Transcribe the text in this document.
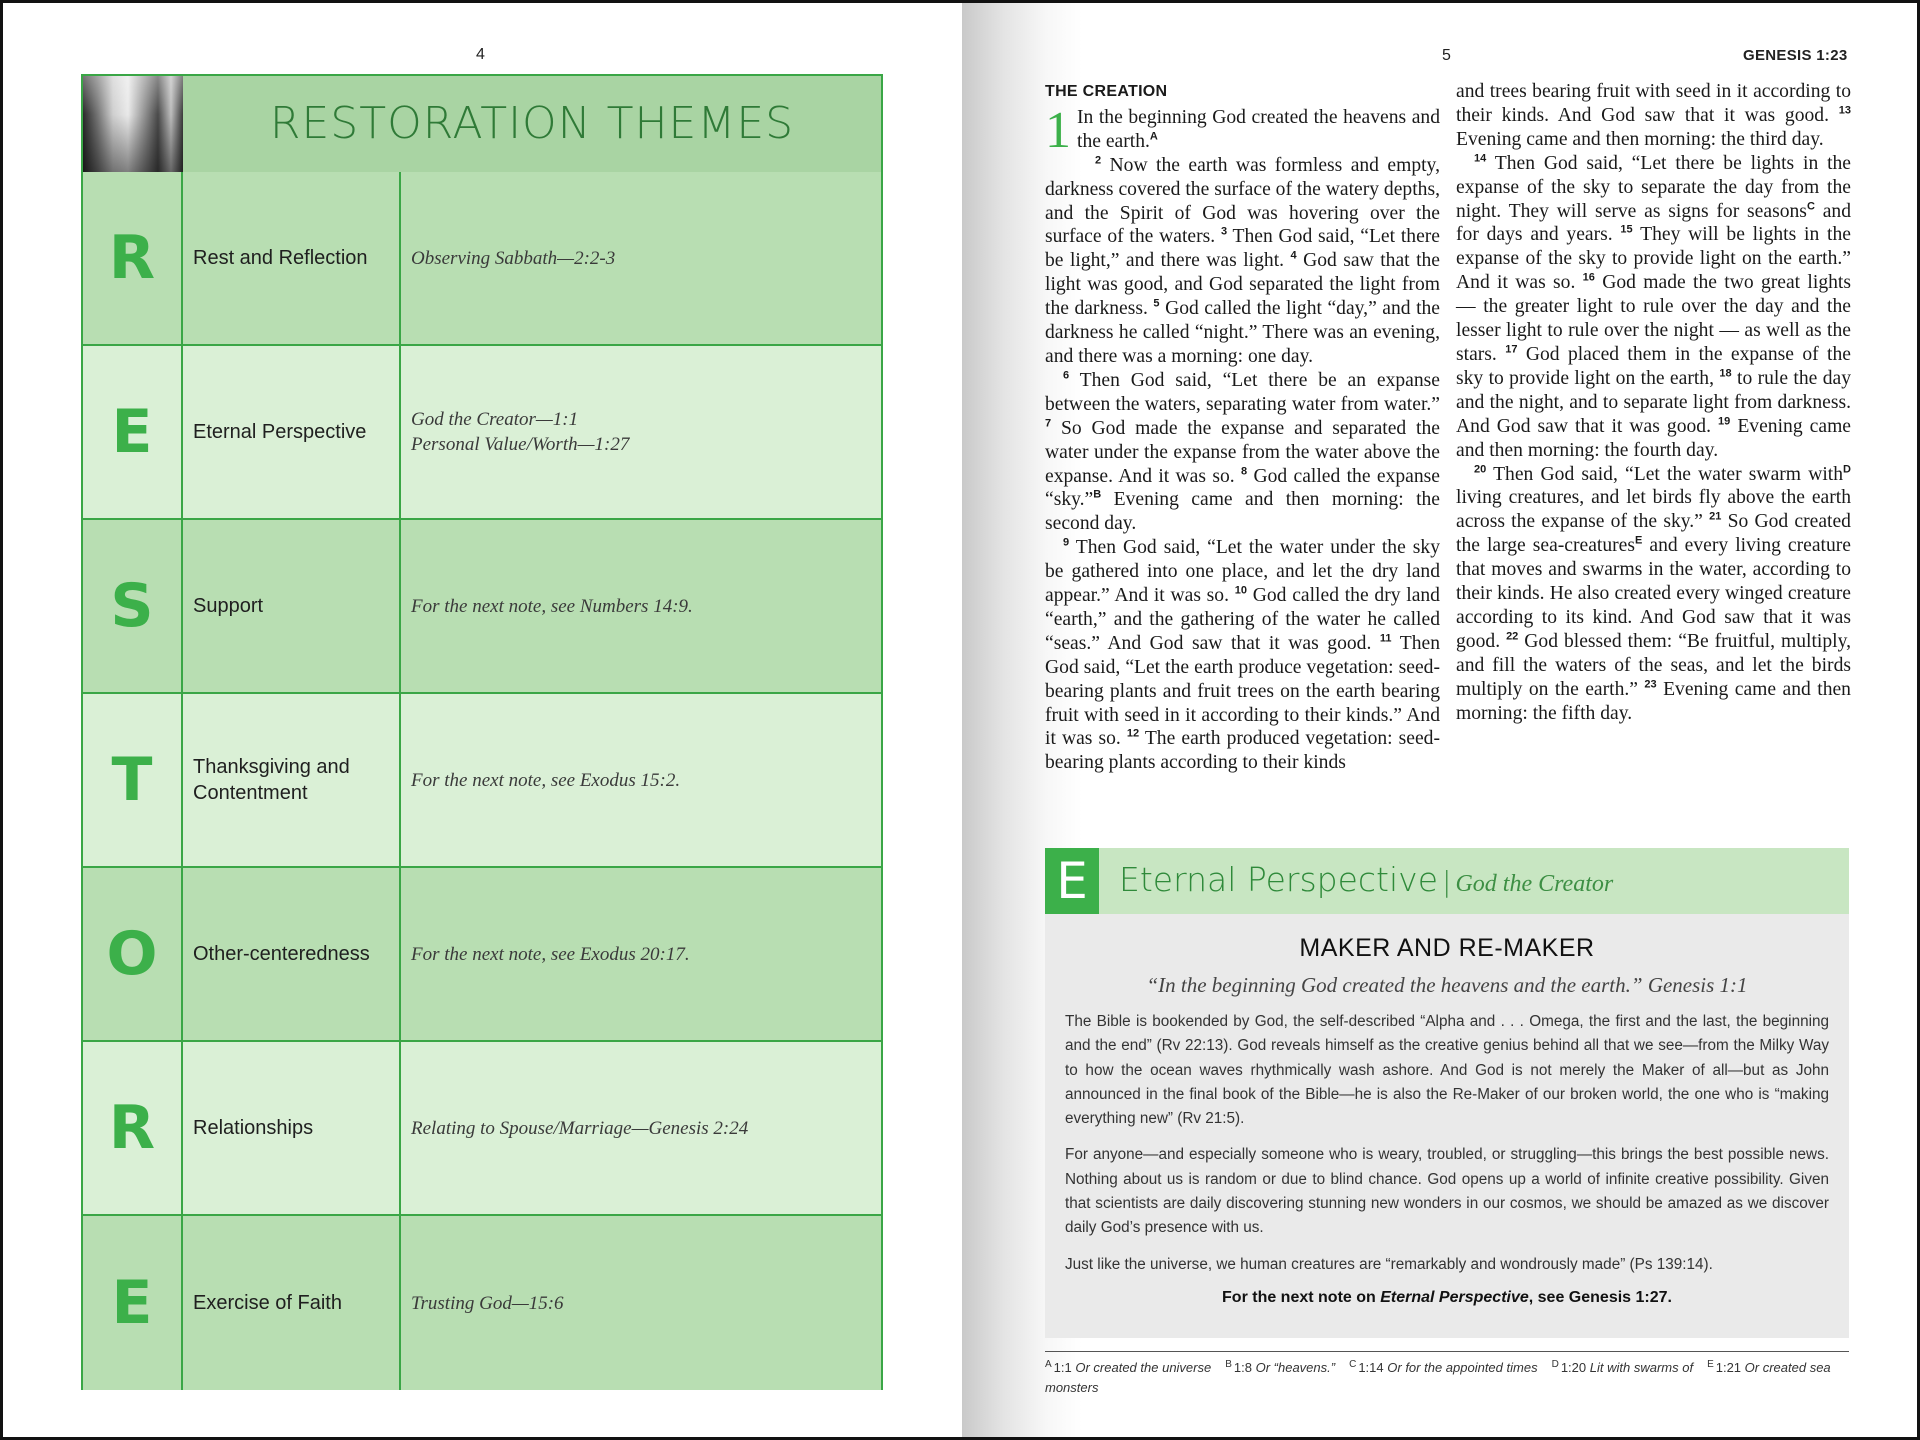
4
RESTORATION THEMES
R	Rest and Reflection	Observing Sabbath—2:2-3
E	Eternal Perspective
God the Creator—1:1
Personal Value/Worth—1:27
S	Support	For the next note, see Numbers 14:9.
T	Thanksgiving and Contentment
For the next note, see Exodus 15:2.
O	Other-centeredness	For the next note, see Exodus 20:17.
R	Relationships	Relating to Spouse/Marriage—Genesis 2:24
E	Exercise of Faith	Trusting God—15:6
5	GENESIS 1:23
THE CREATION

1 In the beginning God created the heavens and the earth.$^A$

$^2$ Now the earth was formless and empty, darkness covered the surface of the watery depths, and the Spirit of God was hovering over the surface of the waters. $^3$ Then God said, “Let there be light,” and there was light. $^4$ God saw that the light was good, and God separated the light from the darkness. $^5$ God called the light “day,” and the darkness he called “night.” There was an evening, and there was a morning: one day.

$^6$ Then God said, “Let there be an expanse between the waters, separating water from water.” $^7$ So God made the expanse and separated the water under the expanse from the water above the expanse. And it was so. $^8$ God called the expanse “sky.”$^B$ Evening came and then morning: the second day.

$^9$ Then God said, “Let the water under the sky be gathered into one place, and let the dry land appear.” And it was so. $^{10}$ God called the dry land “earth,” and the gathering of the water he called “seas.” And God saw that it was good. $^{11}$ Then God said, “Let the earth produce vegetation: seed-bearing plants and fruit trees on the earth bearing fruit with seed in it according to their kinds.” And it was so. $^{12}$ The earth produced vegetation: seed-bearing plants according to their kinds

and trees bearing fruit with seed in it according to their kinds. And God saw that it was good. $^{13}$ Evening came and then morning: the third day.

$^{14}$ Then God said, “Let there be lights in the expanse of the sky to separate the day from the night. They will serve as signs for seasons$^C$ and for days and years. $^{15}$ They will be lights in the expanse of the sky to provide light on the earth.” And it was so. $^{16}$ God made the two great lights — the greater light to rule over the day and the lesser light to rule over the night — as well as the stars. $^{17}$ God placed them in the expanse of the sky to provide light on the earth, $^{18}$ to rule the day and the night, and to separate light from darkness. And God saw that it was good. $^{19}$ Evening came and then morning: the fourth day.

$^{20}$ Then God said, “Let the water swarm with$^D$ living creatures, and let birds fly above the earth across the expanse of the sky.” $^{21}$ So God created the large sea-creatures$^E$ and every living creature that moves and swarms in the water, according to their kinds. He also created every winged creature according to its kind. And God saw that it was good. $^{22}$ God blessed them: “Be fruitful, multiply, and fill the waters of the seas, and let the birds multiply on the earth.” $^{23}$ Evening came and then morning: the fifth day.

E Eternal Perspective | God the Creator
MAKER AND RE-MAKER
“In the beginning God created the heavens and the earth.” Genesis 1:1

The Bible is bookended by God, the self-described “Alpha and . . . Omega, the first and the last, the beginning and the end” (Rv 22:13). God reveals himself as the creative genius behind all that we see—from the Milky Way to how the ocean waves rhythmically wash ashore. And God is not merely the Maker of all—but as John announced in the final book of the Bible—he is also the Re-Maker of our broken world, the one who is “making everything new” (Rv 21:5).

For anyone—and especially someone who is weary, troubled, or struggling—this brings the best possible news. Nothing about us is random or due to blind chance. God opens up a world of infinite creative possibility. Given that scientists are daily discovering stunning new wonders in our cosmos, we should be amazed as we discover daily God’s presence with us.

Just like the universe, we human creatures are “remarkably and wondrously made” (Ps 139:14).

For the next note on Eternal Perspective, see Genesis 1:27.
$^A$ 1:1 Or created the universe $^B$ 1:8 Or “heavens.” $^C$ 1:14 Or for the appointed times $^D$ 1:20 Lit with swarms of $^E$ 1:21 Or created sea monsters
